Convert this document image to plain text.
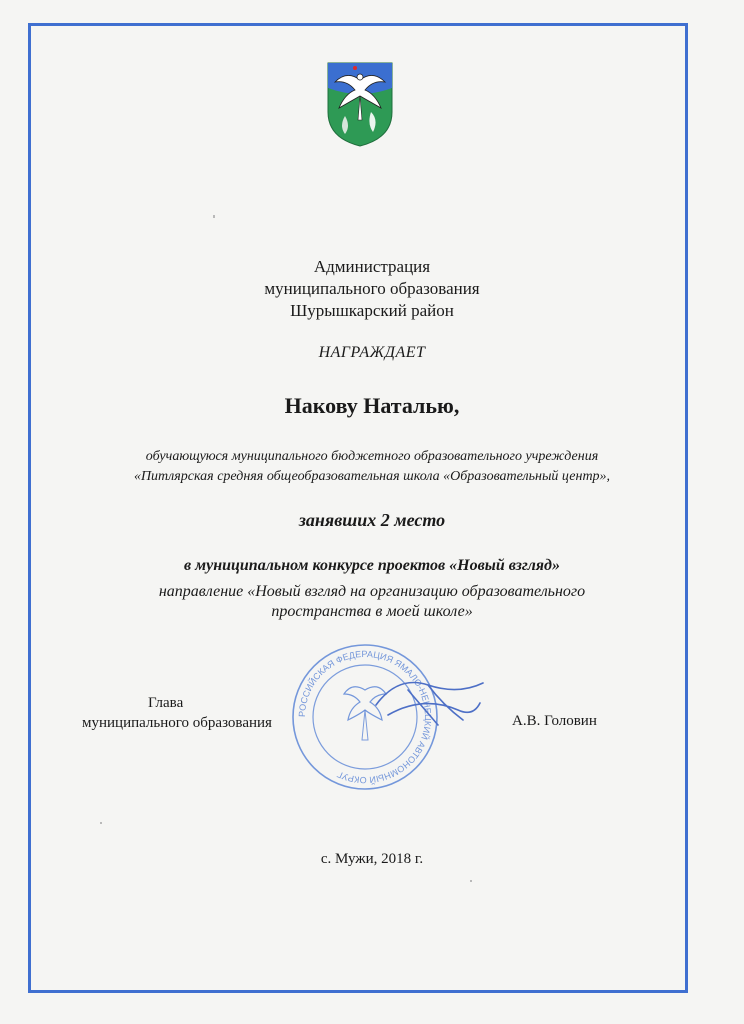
Администрация
муниципального образования
Шурышкарский район
НАГРАЖДАЕТ
Накову Наталью,
обучающуюся муниципального бюджетного образовательного учреждения
«Питлярская средняя общеобразовательная школа «Образовательный центр»,
занявших 2 место
в муниципальном конкурсе проектов «Новый взгляд»
направление «Новый взгляд на организацию образовательного
пространства в моей школе»
РОССИЙСКАЯ ФЕДЕРАЦИЯ ЯМАЛО-НЕНЕЦКИЙ АВТОНОМНЫЙ ОКРУГ
Глава
муниципального образования	А.В. Головин
с. Мужи, 2018 г.
